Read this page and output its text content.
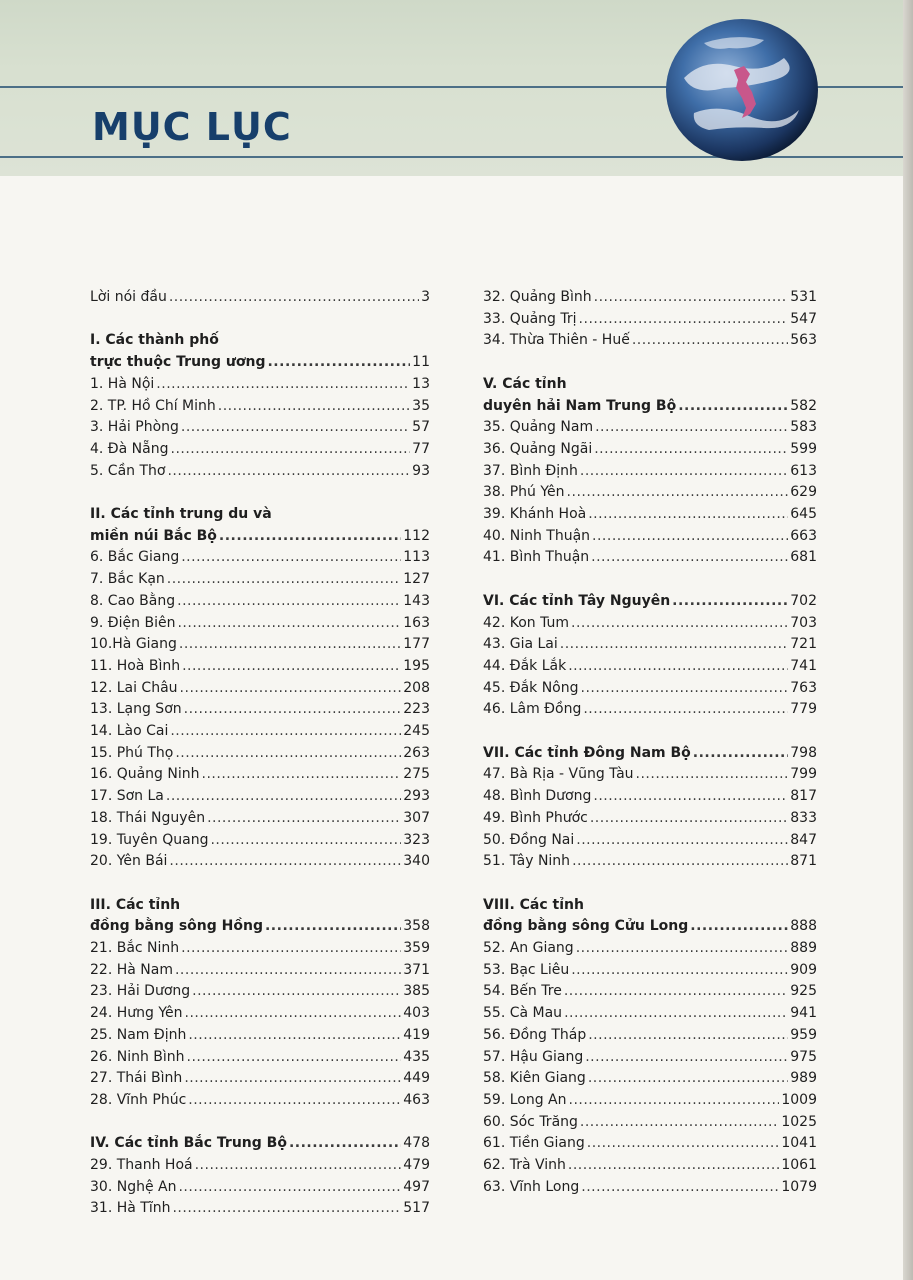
MỤC LỤC
Lời nói đầu .....	3
I. Các thành phố
trực thuộc Trung ương .....	11
1. Hà Nội .....	13
2. TP. Hồ Chí Minh .....	35
3. Hải Phòng .....	57
4. Đà Nẵng .....	77
5. Cần Thơ .....	93
II. Các tỉnh trung du và
miền núi Bắc Bộ .....	112
6. Bắc Giang .....	113
7. Bắc Kạn .....	127
8. Cao Bằng .....	143
9. Điện Biên .....	163
10.Hà Giang .....	177
11. Hoà Bình .....	195
12. Lai Châu .....	208
13. Lạng Sơn .....	223
14. Lào Cai .....	245
15. Phú Thọ .....	263
16. Quảng Ninh .....	275
17. Sơn La .....	293
18. Thái Nguyên .....	307
19. Tuyên Quang .....	323
20. Yên Bái .....	340
III. Các tỉnh
đồng bằng sông Hồng .....	358
21. Bắc Ninh .....	359
22. Hà Nam .....	371
23. Hải Dương .....	385
24. Hưng Yên .....	403
25. Nam Định .....	419
26. Ninh Bình .....	435
27. Thái Bình .....	449
28. Vĩnh Phúc .....	463
IV. Các tỉnh Bắc Trung Bộ .....	478
29. Thanh Hoá .....	479
30. Nghệ An .....	497
31. Hà Tĩnh .....	517
32. Quảng Bình .....	531
33. Quảng Trị .....	547
34. Thừa Thiên - Huế .....	563
V. Các tỉnh
duyên hải Nam Trung Bộ .....	582
35. Quảng Nam .....	583
36. Quảng Ngãi .....	599
37. Bình Định .....	613
38. Phú Yên .....	629
39. Khánh Hoà .....	645
40. Ninh Thuận .....	663
41. Bình Thuận .....	681
VI. Các tỉnh Tây Nguyên .....	702
42. Kon Tum .....	703
43. Gia Lai .....	721
44. Đắk Lắk .....	741
45. Đắk Nông .....	763
46. Lâm Đồng .....	779
VII. Các tỉnh Đông Nam Bộ .....	798
47. Bà Rịa - Vũng Tàu .....	799
48. Bình Dương .....	817
49. Bình Phước .....	833
50. Đồng Nai .....	847
51. Tây Ninh .....	871
VIII. Các tỉnh
đồng bằng sông Cửu Long .....	888
52. An Giang .....	889
53. Bạc Liêu .....	909
54. Bến Tre .....	925
55. Cà Mau .....	941
56. Đồng Tháp .....	959
57. Hậu Giang .....	975
58. Kiên Giang .....	989
59. Long An .....	1009
60. Sóc Trăng .....	1025
61. Tiền Giang .....	1041
62. Trà Vinh .....	1061
63. Vĩnh Long .....	1079
